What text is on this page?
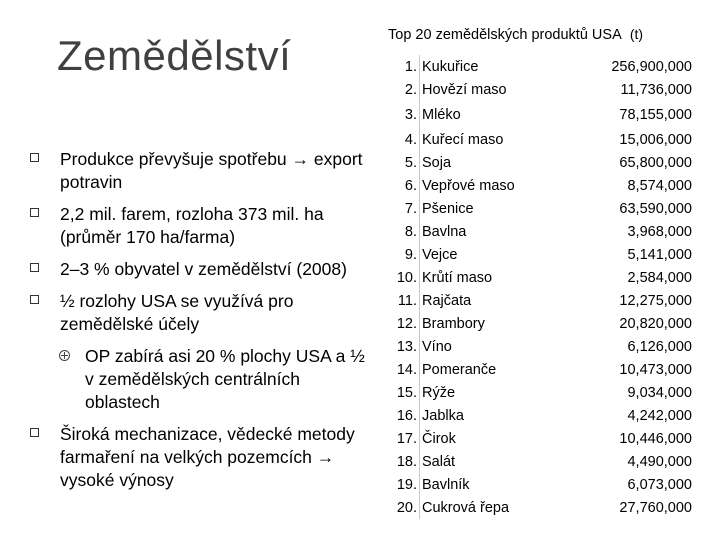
Zemědělství
Produkce převyšuje spotřebu → export potravin
2,2 mil. farem, rozloha 373 mil. ha (průměr 170 ha/farma)
2–3 % obyvatel v zemědělství (2008)
½ rozlohy USA se využívá pro zemědělské účely
OP zabírá asi 20 % plochy USA a ½ v zemědělských centrálních oblastech
Široká mechanizace, vědecké metody farmaření na velkých pozemcích → vysoké výnosy
Top 20 zemědělských produktů USA (t)
1.	Kukuřice	256,900,000
2.	Hovězí maso	11,736,000
3.	Mléko	78,155,000
4.	Kuřecí maso	15,006,000
5.	Soja	65,800,000
6.	Vepřové maso	8,574,000
7.	Pšenice	63,590,000
8.	Bavlna	3,968,000
9.	Vejce	5,141,000
10.	Krůtí maso	2,584,000
11.	Rajčata	12,275,000
12.	Brambory	20,820,000
13.	Víno	6,126,000
14.	Pomeranče	10,473,000
15.	Rýže	9,034,000
16.	Jablka	4,242,000
17.	Čirok	10,446,000
18.	Salát	4,490,000
19.	Bavlník	6,073,000
20.	Cukrová řepa	27,760,000
